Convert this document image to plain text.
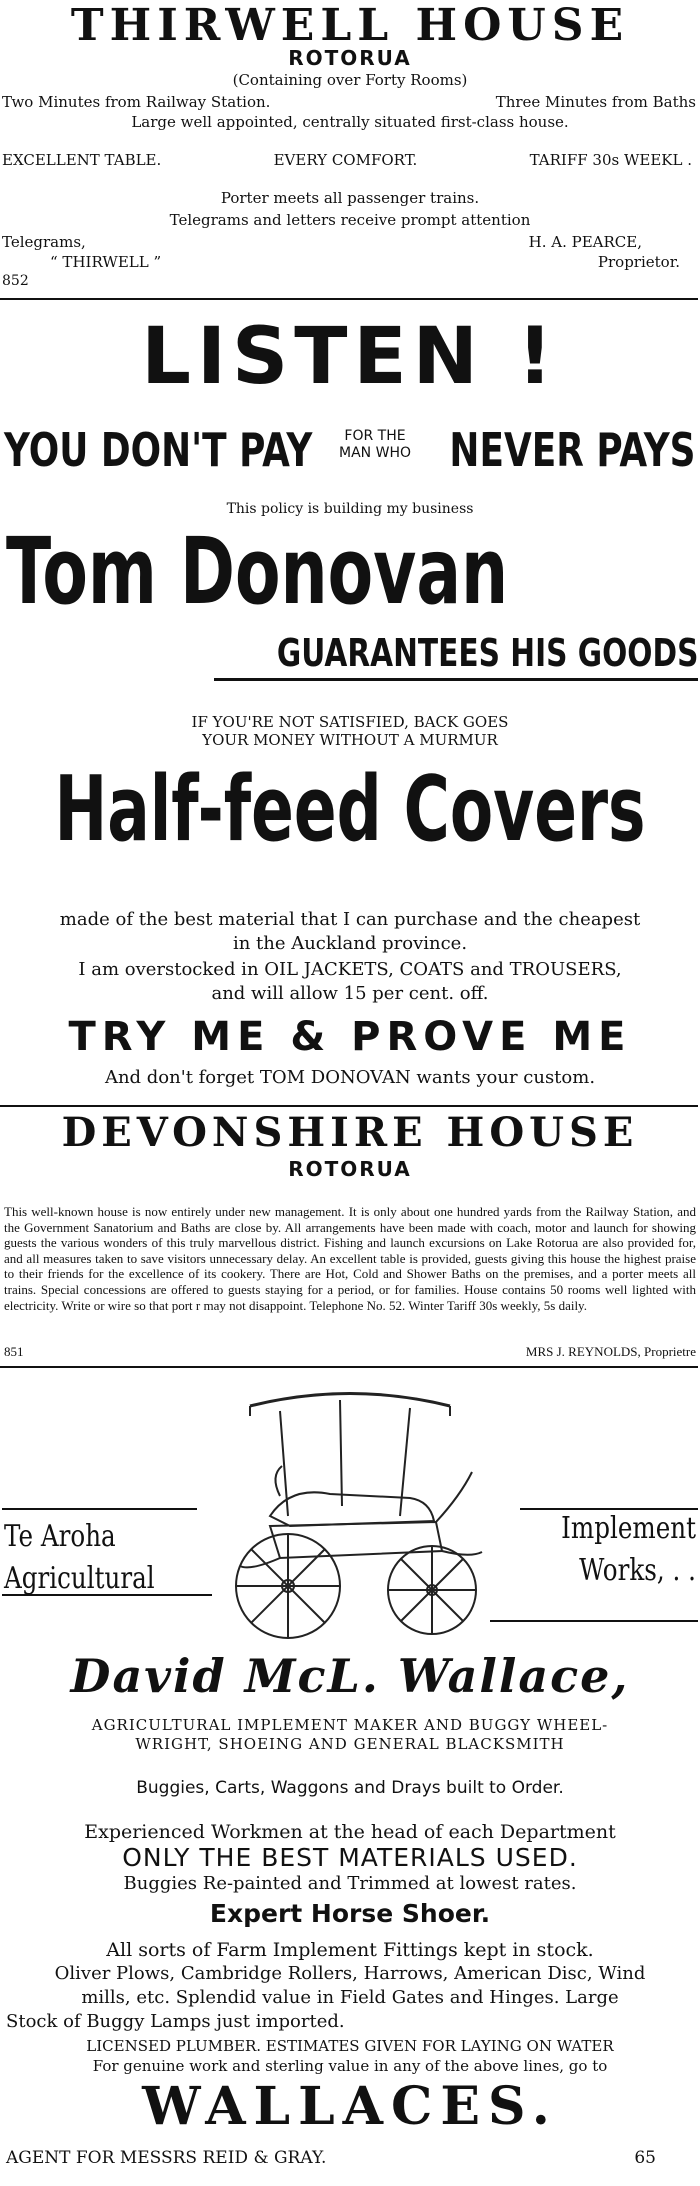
THIRWELL HOUSE
ROTORUA
(Containing over Forty Rooms)
Two Minutes from Railway Station.	Three Minutes from Baths
Large well appointed, centrally situated first-class house.
EXCELLENT TABLE.	EVERY COMFORT.	TARIFF 30s WEEKL .
Porter meets all passenger trains.
Telegrams and letters receive prompt attention
Telegrams,	H. A. PEARCE,
“ THIRWELL ”	Proprietor.
852
LISTEN !
YOU DON'T PAY	FOR THE
MAN WHO NEVER PAYS
This policy is building my business
Tom Donovan
GUARANTEES HIS GOODS
IF YOU'RE NOT SATISFIED, BACK GOES
YOUR MONEY WITHOUT A MURMUR
Half-feed Covers
made of the best material that I can purchase and the cheapest
in the Auckland province.
I am overstocked in OIL JACKETS, COATS and TROUSERS,
and will allow 15 per cent. off.
TRY ME & PROVE ME
And don't forget TOM DONOVAN wants your custom.
DEVONSHIRE HOUSE
ROTORUA

This well-known house is now entirely under new management. It is only about one hundred yards from the Railway Station, and the Government Sanatorium and Baths are close by. All arrangements have been made with coach, motor and launch for showing guests the various wonders of this truly marvellous district. Fishing and launch excursions on Lake Rotorua are also provided for, and all measures taken to save visitors unnecessary delay. An excellent table is provided, guests giving this house the highest praise to their friends for the excellence of its cookery. There are Hot, Cold and Shower Baths on the premises, and a porter meets all trains. Special concessions are offered to guests staying for a period, or for families. House contains 50 rooms well lighted with electricity. Write or wire so that port r may not disappoint. Telephone No. 52. Winter Tariff 30s weekly, 5s daily.

851	MRS J. REYNOLDS, Proprietre
Te Aroha
Agricultural
Implement
Works, . .
David McL. Wallace,
AGRICULTURAL IMPLEMENT MAKER AND BUGGY WHEEL-
WRIGHT, SHOEING AND GENERAL BLACKSMITH
Buggies, Carts, Waggons and Drays built to Order.
Experienced Workmen at the head of each Department
ONLY THE BEST MATERIALS USED.
Buggies Re-painted and Trimmed at lowest rates.
Expert Horse Shoer.
All sorts of Farm Implement Fittings kept in stock.
Oliver Plows, Cambridge Rollers, Harrows, American Disc, Wind
mills, etc. Splendid value in Field Gates and Hinges. Large
Stock of Buggy Lamps just imported.
LICENSED PLUMBER. ESTIMATES GIVEN FOR LAYING ON WATER
For genuine work and sterling value in any of the above lines, go to
WALLACES.
AGENT FOR MESSRS REID & GRAY.	65
